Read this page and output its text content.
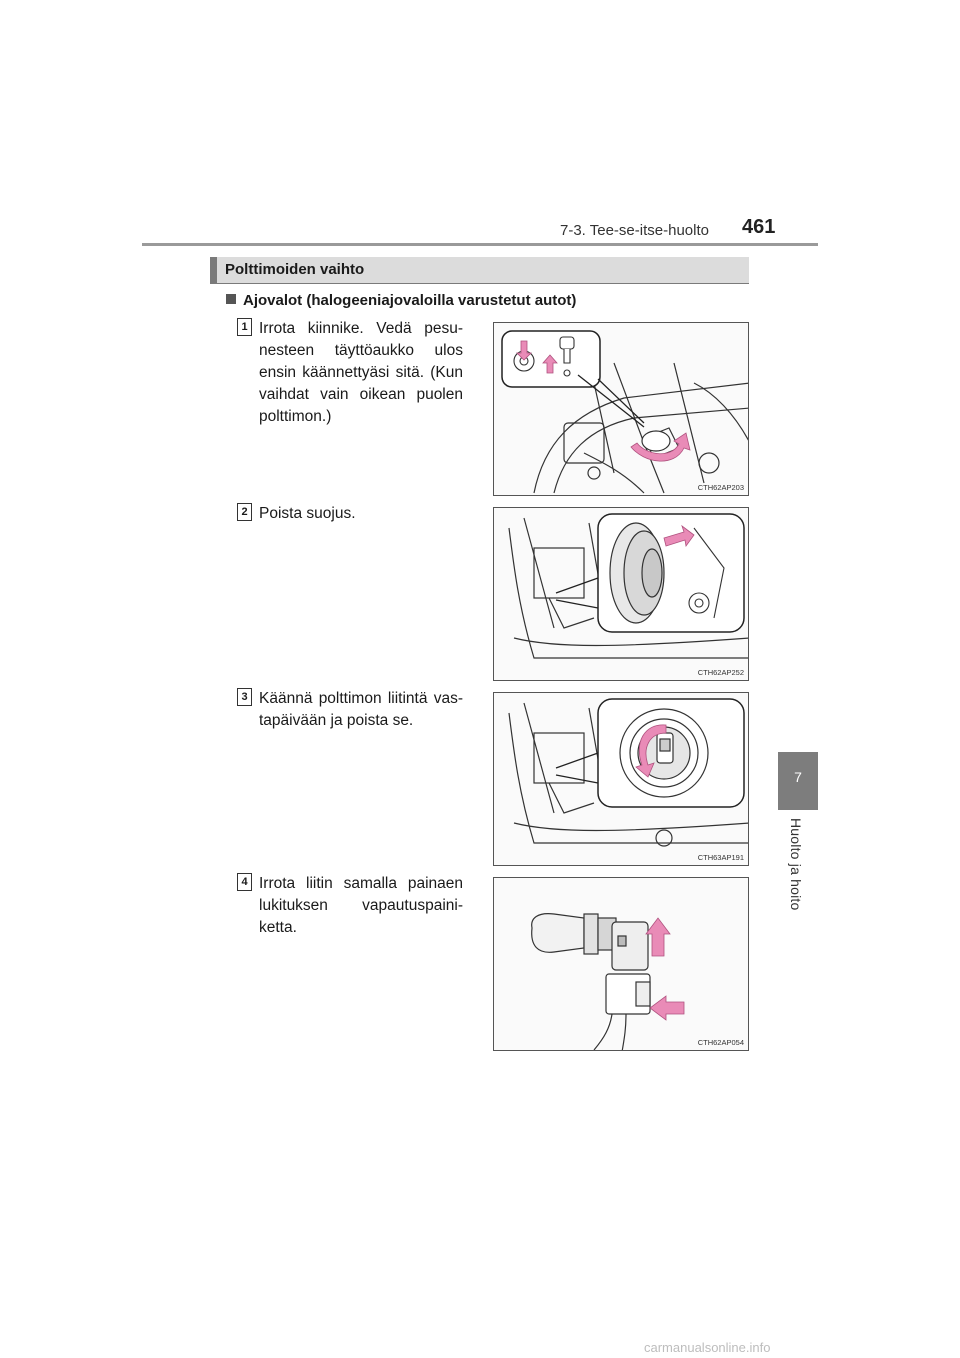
7-3. Tee-se-itse-huolto 461
7
Huolto ja hoito
Polttimoiden vaihto
Ajovalot (halogeeniajovaloilla varustetut autot)
1 Irrota kiinnike. Vedä pesu-nesteen täyttöaukko ulos ensin käännettyäsi sitä. (Kun vaihdat vain oikean puolen polttimon.)
CTH62AP203
2 Poista suojus.
CTH62AP252
3 Käännä polttimon liitintä vas-tapäivään ja poista se.
CTH63AP191
4 Irrota liitin samalla painaen lukituksen vapautuspaini-ketta.
CTH62AP054
carmanualsonline.info
